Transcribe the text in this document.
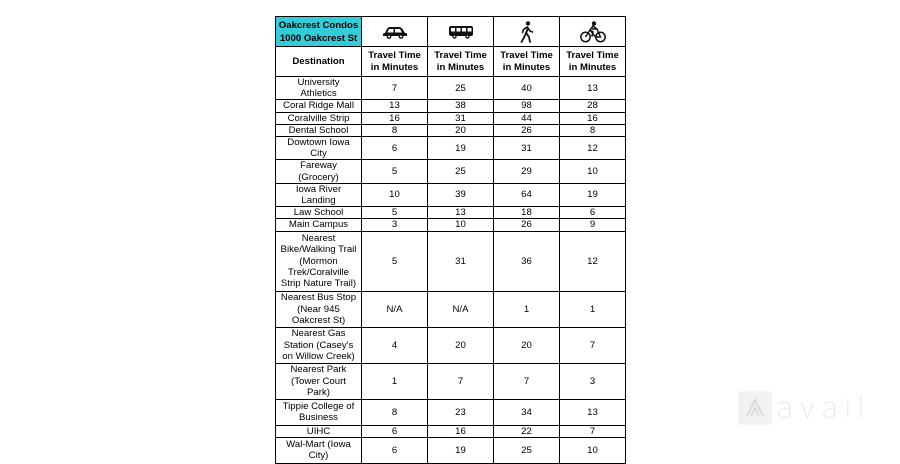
Oakcrest Condos
1000 Oakcrest St

Destination	Travel Time in Minutes	Travel Time in Minutes	Travel Time in Minutes	Travel Time in Minutes
University Athletics	7	25	40	13
Coral Ridge Mall	13	38	98	28
Coralville Strip	16	31	44	16
Dental School	8	20	26	8
Dowtown Iowa City	6	19	31	12
Fareway (Grocery)	5	25	29	10
Iowa River Landing	10	39	64	19
Law School	5	13	18	6
Main Campus	3	10	26	9
Nearest Bike/Walking Trail (Mormon Trek/Coralville Strip Nature Trail)	5	31	36	12
Nearest Bus Stop (Near 945 Oakcrest St)	N/A	N/A	1	1
Nearest Gas Station (Casey's on Willow Creek)	4	20	20	7
Nearest Park (Tower Court Park)	1	7	7	3
Tippie College of Business	8	23	34	13
UIHC	6	16	22	7
Wal-Mart (Iowa City)	6	19	25	10
avail
